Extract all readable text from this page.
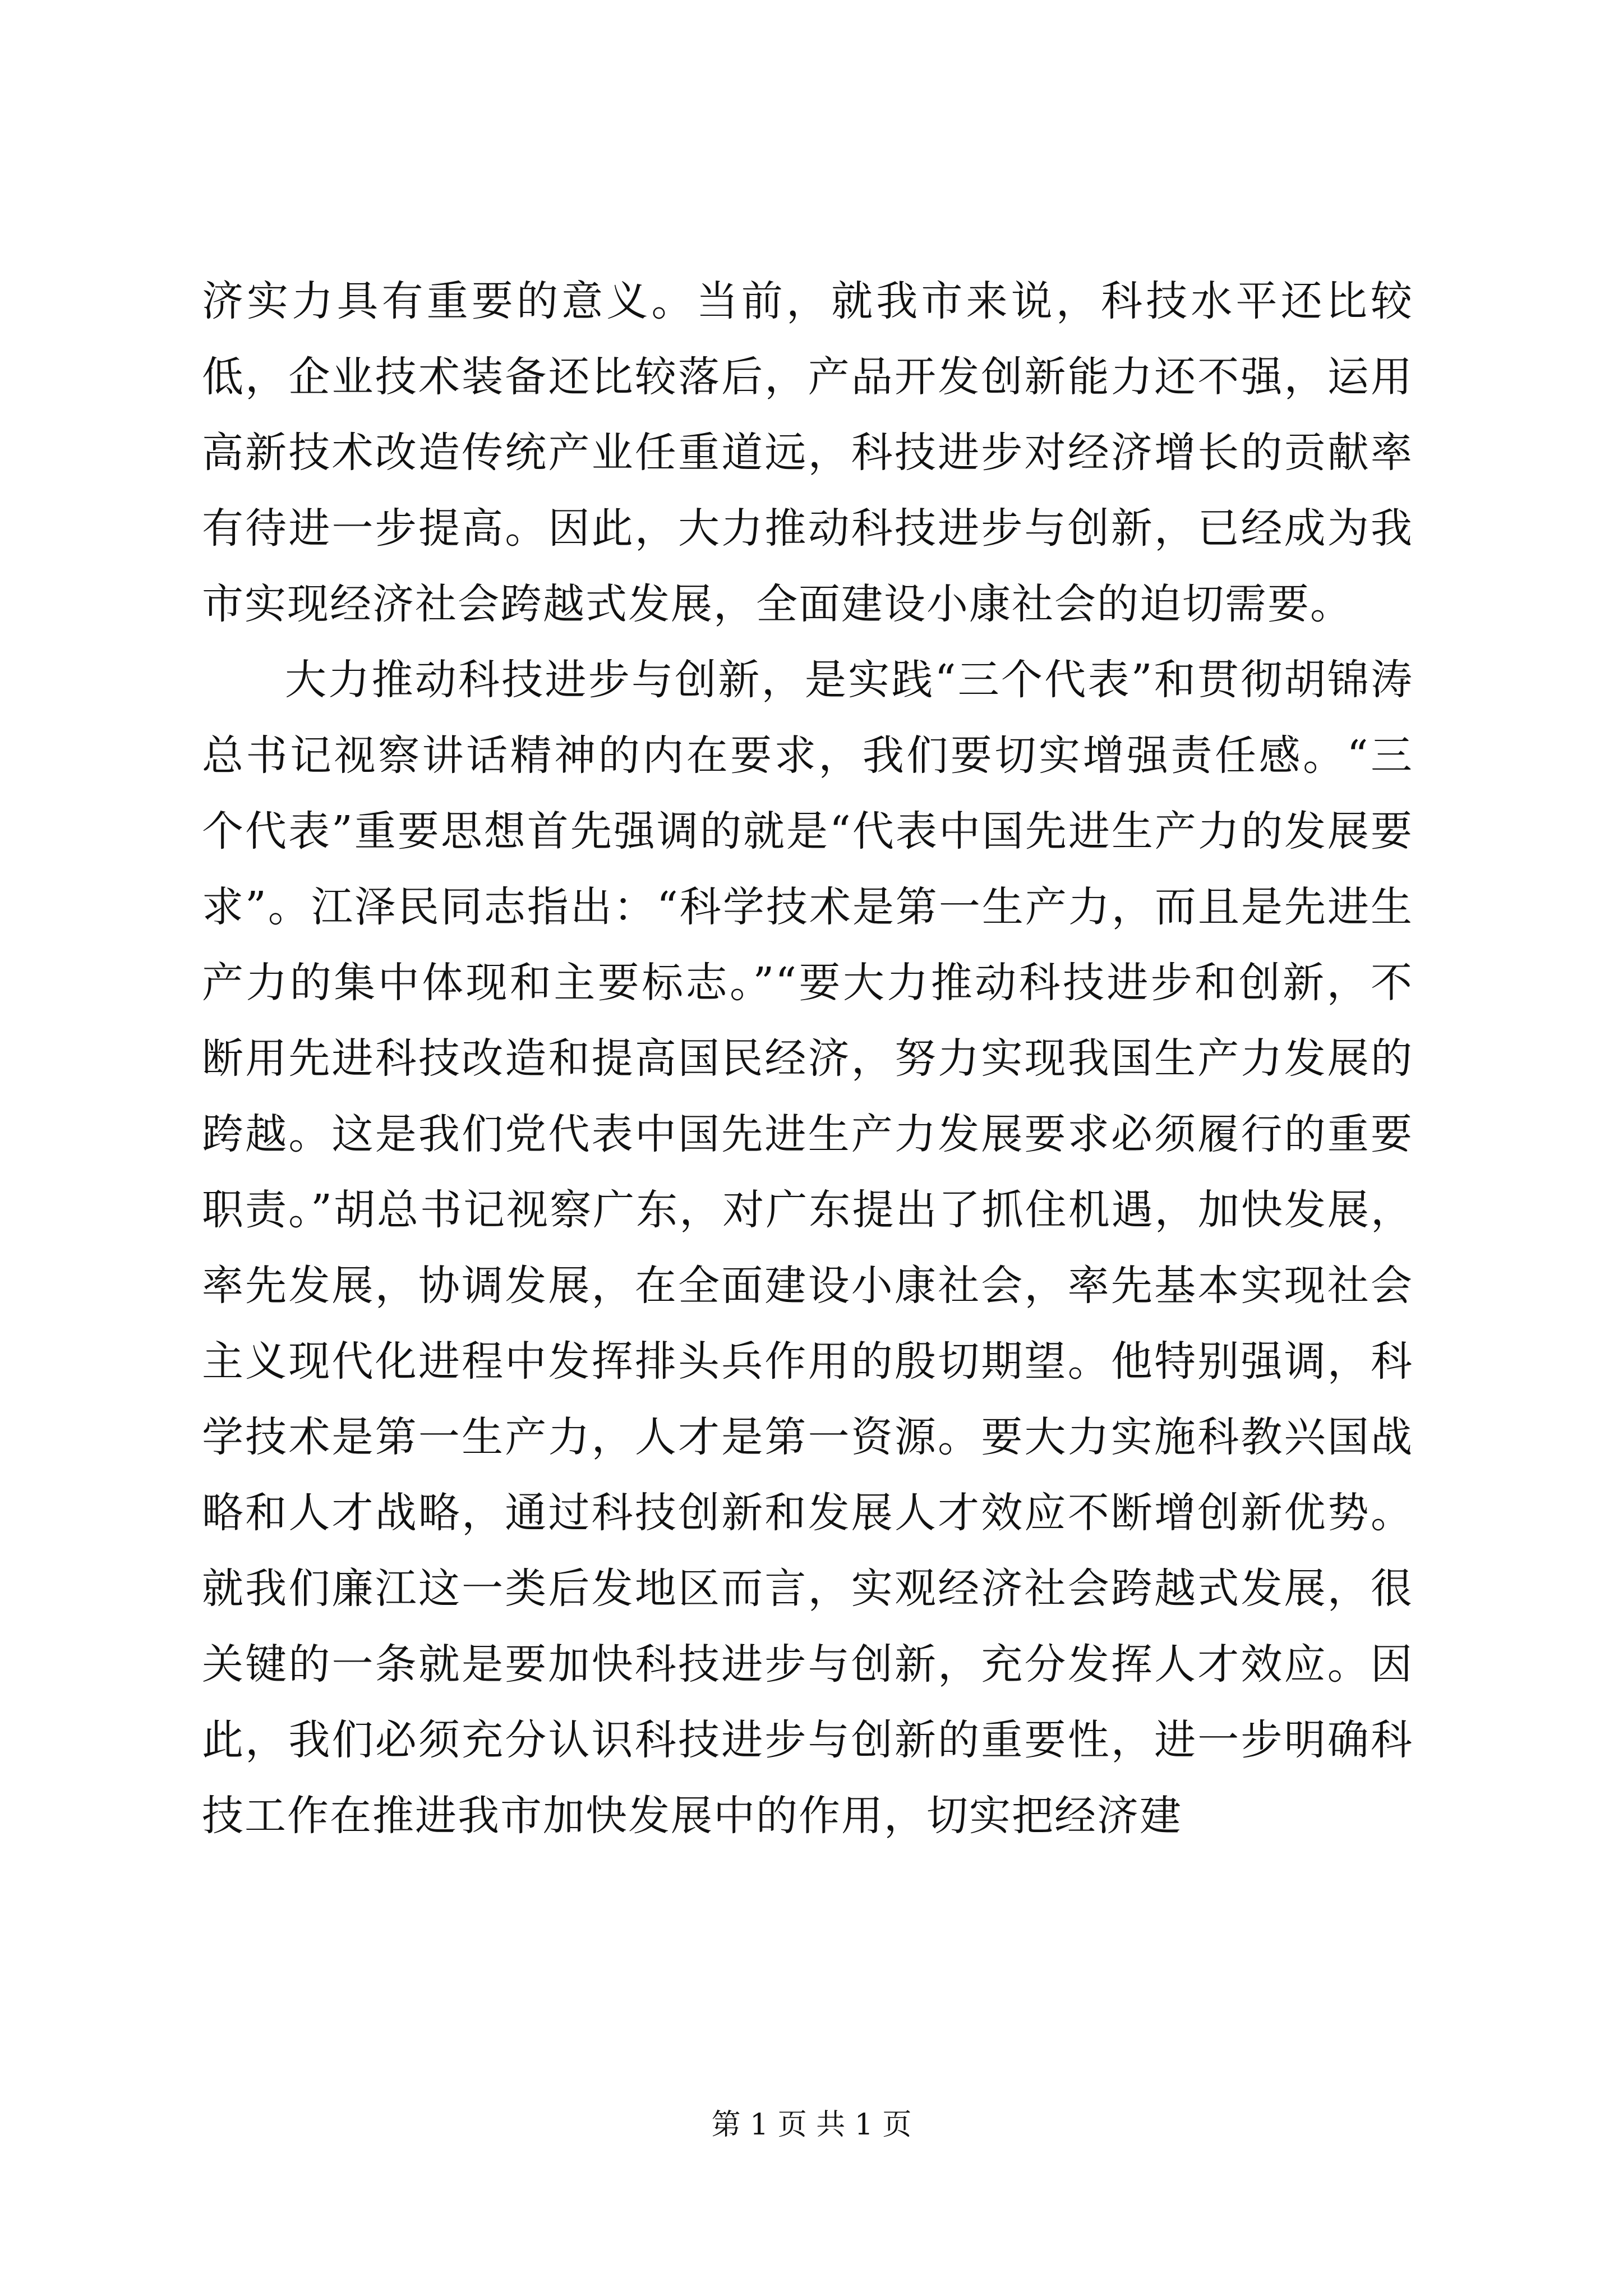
济实力具有重要的意义。当前，就我市来说，科技水平还比较低，企业技术装备还比较落后，产品开发创新能力还不强，运用高新技术改造传统产业任重道远，科技进步对经济增长的贡献率有待进一步提高。因此，大力推动科技进步与创新，已经成为我市实现经济社会跨越式发展，全面建设小康社会的迫切需要。

大力推动科技进步与创新，是实践“三个代表”和贯彻胡锦涛总书记视察讲话精神的内在要求，我们要切实增强责任感。“三个代表”重要思想首先强调的就是“代表中国先进生产力的发展要求”。江泽民同志指出：“科学技术是第一生产力，而且是先进生产力的集中体现和主要标志。”“要大力推动科技进步和创新，不断用先进科技改造和提高国民经济，努力实现我国生产力发展的跨越。这是我们党代表中国先进生产力发展要求必须履行的重要职责。”胡总书记视察广东，对广东提出了抓住机遇，加快发展，率先发展，协调发展，在全面建设小康社会，率先基本实现社会主义现代化进程中发挥排头兵作用的殷切期望。他特别强调，科学技术是第一生产力，人才是第一资源。要大力实施科教兴国战略和人才战略，通过科技创新和发展人才效应不断增创新优势。就我们廉江这一类后发地区而言，实观经济社会跨越式发展，很关键的一条就是要加快科技进步与创新，充分发挥人才效应。因此，我们必须充分认识科技进步与创新的重要性，进一步明确科技工作在推进我市加快发展中的作用，切实把经济建

第 1 页 共 1 页
